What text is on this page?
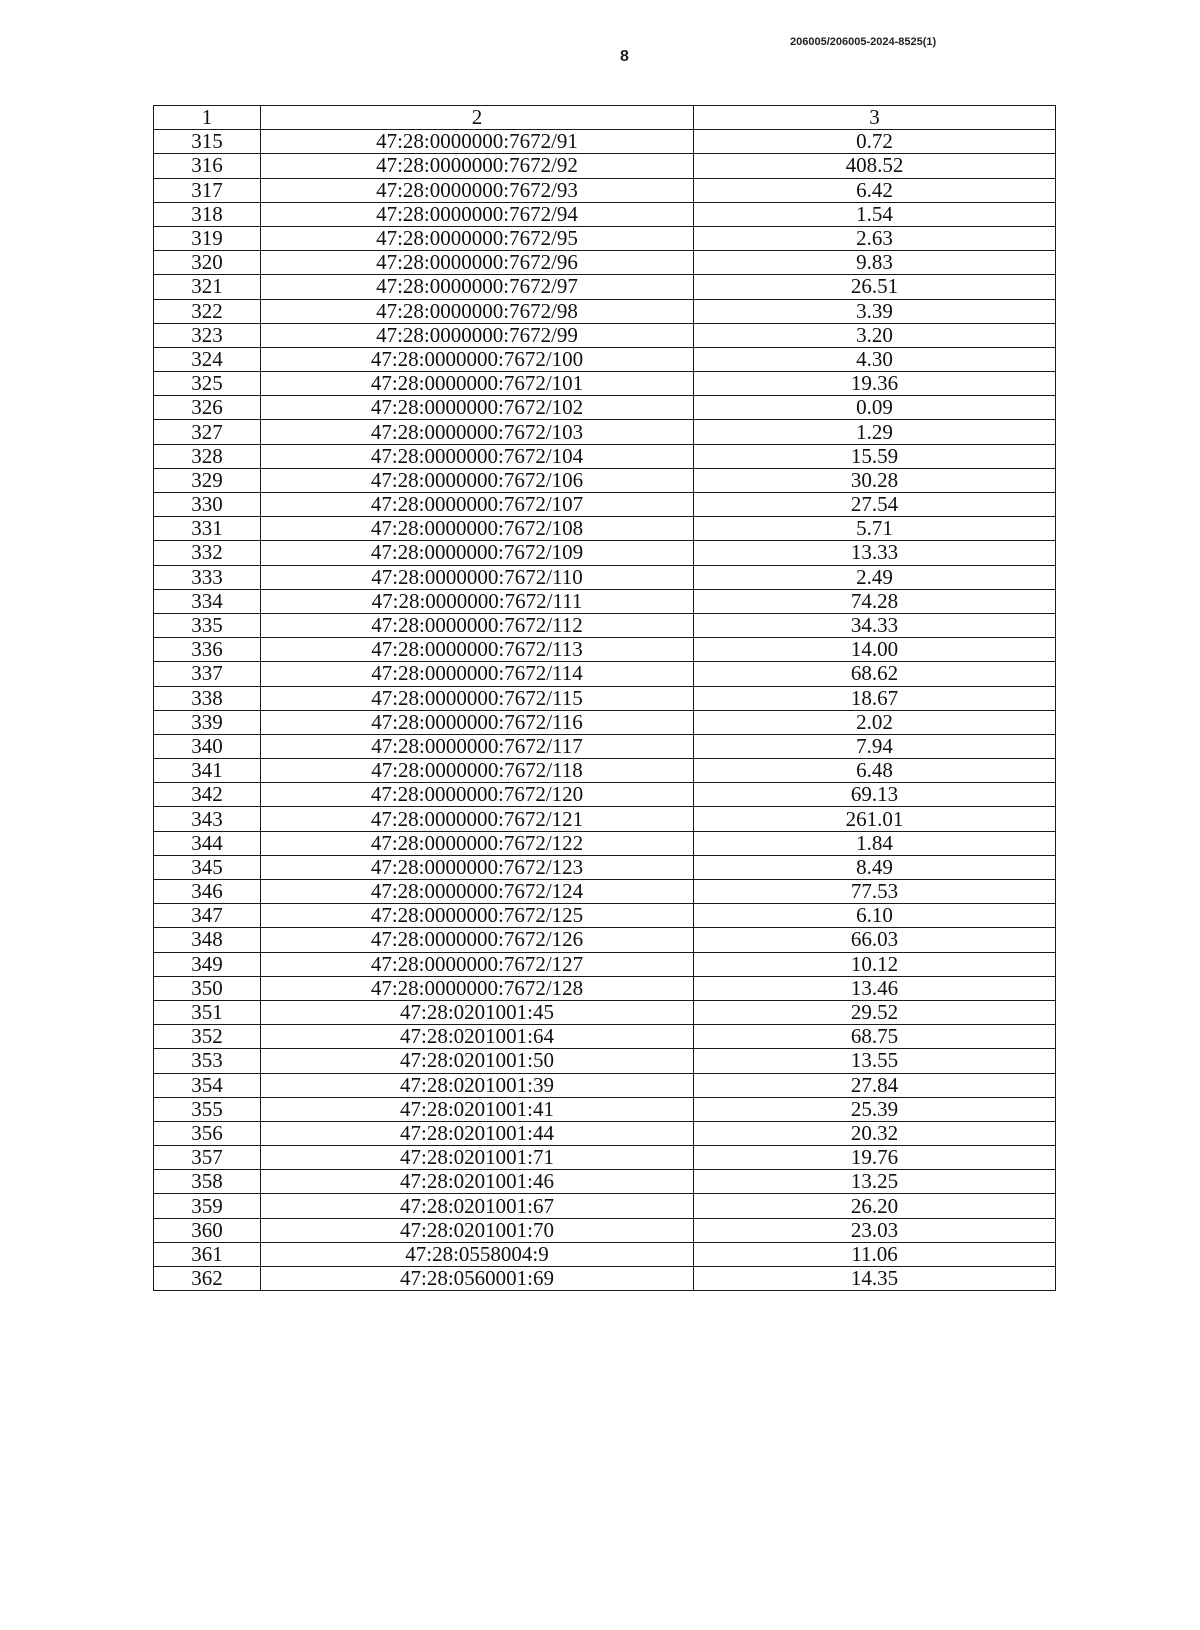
8
206005/206005-2024-8525(1)
1	2	3
315	47:28:0000000:7672/91	0.72
316	47:28:0000000:7672/92	408.52
317	47:28:0000000:7672/93	6.42
318	47:28:0000000:7672/94	1.54
319	47:28:0000000:7672/95	2.63
320	47:28:0000000:7672/96	9.83
321	47:28:0000000:7672/97	26.51
322	47:28:0000000:7672/98	3.39
323	47:28:0000000:7672/99	3.20
324	47:28:0000000:7672/100	4.30
325	47:28:0000000:7672/101	19.36
326	47:28:0000000:7672/102	0.09
327	47:28:0000000:7672/103	1.29
328	47:28:0000000:7672/104	15.59
329	47:28:0000000:7672/106	30.28
330	47:28:0000000:7672/107	27.54
331	47:28:0000000:7672/108	5.71
332	47:28:0000000:7672/109	13.33
333	47:28:0000000:7672/110	2.49
334	47:28:0000000:7672/111	74.28
335	47:28:0000000:7672/112	34.33
336	47:28:0000000:7672/113	14.00
337	47:28:0000000:7672/114	68.62
338	47:28:0000000:7672/115	18.67
339	47:28:0000000:7672/116	2.02
340	47:28:0000000:7672/117	7.94
341	47:28:0000000:7672/118	6.48
342	47:28:0000000:7672/120	69.13
343	47:28:0000000:7672/121	261.01
344	47:28:0000000:7672/122	1.84
345	47:28:0000000:7672/123	8.49
346	47:28:0000000:7672/124	77.53
347	47:28:0000000:7672/125	6.10
348	47:28:0000000:7672/126	66.03
349	47:28:0000000:7672/127	10.12
350	47:28:0000000:7672/128	13.46
351	47:28:0201001:45	29.52
352	47:28:0201001:64	68.75
353	47:28:0201001:50	13.55
354	47:28:0201001:39	27.84
355	47:28:0201001:41	25.39
356	47:28:0201001:44	20.32
357	47:28:0201001:71	19.76
358	47:28:0201001:46	13.25
359	47:28:0201001:67	26.20
360	47:28:0201001:70	23.03
361	47:28:0558004:9	11.06
362	47:28:0560001:69	14.35
